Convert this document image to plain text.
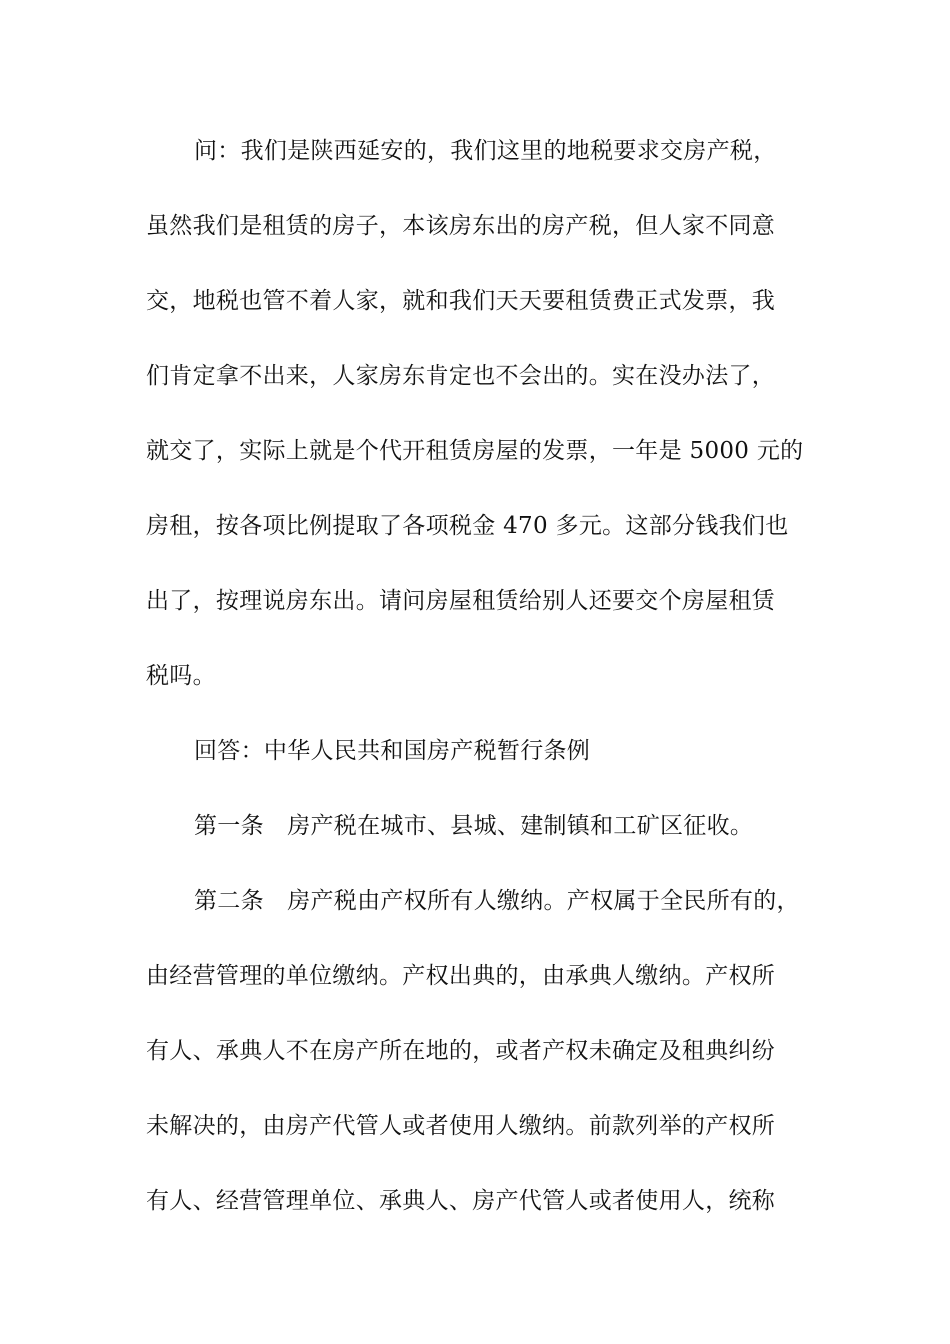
问：我们是陕西延安的，我们这里的地税要求交房产税，
虽然我们是租赁的房子，本该房东出的房产税，但人家不同意
交，地税也管不着人家，就和我们天天要租赁费正式发票，我
们肯定拿不出来，人家房东肯定也不会出的。实在没办法了，
就交了，实际上就是个代开租赁房屋的发票，一年是 5000 元的
房租，按各项比例提取了各项税金 470 多元。这部分钱我们也
出了，按理说房东出。请问房屋租赁给别人还要交个房屋租赁
税吗。
回答：中华人民共和国房产税暂行条例
第一条　房产税在城市、县城、建制镇和工矿区征收。
第二条　房产税由产权所有人缴纳。产权属于全民所有的，
由经营管理的单位缴纳。产权出典的，由承典人缴纳。产权所
有人、承典人不在房产所在地的，或者产权未确定及租典纠纷
未解决的，由房产代管人或者使用人缴纳。前款列举的产权所
有人、经营管理单位、承典人、房产代管人或者使用人，统称
